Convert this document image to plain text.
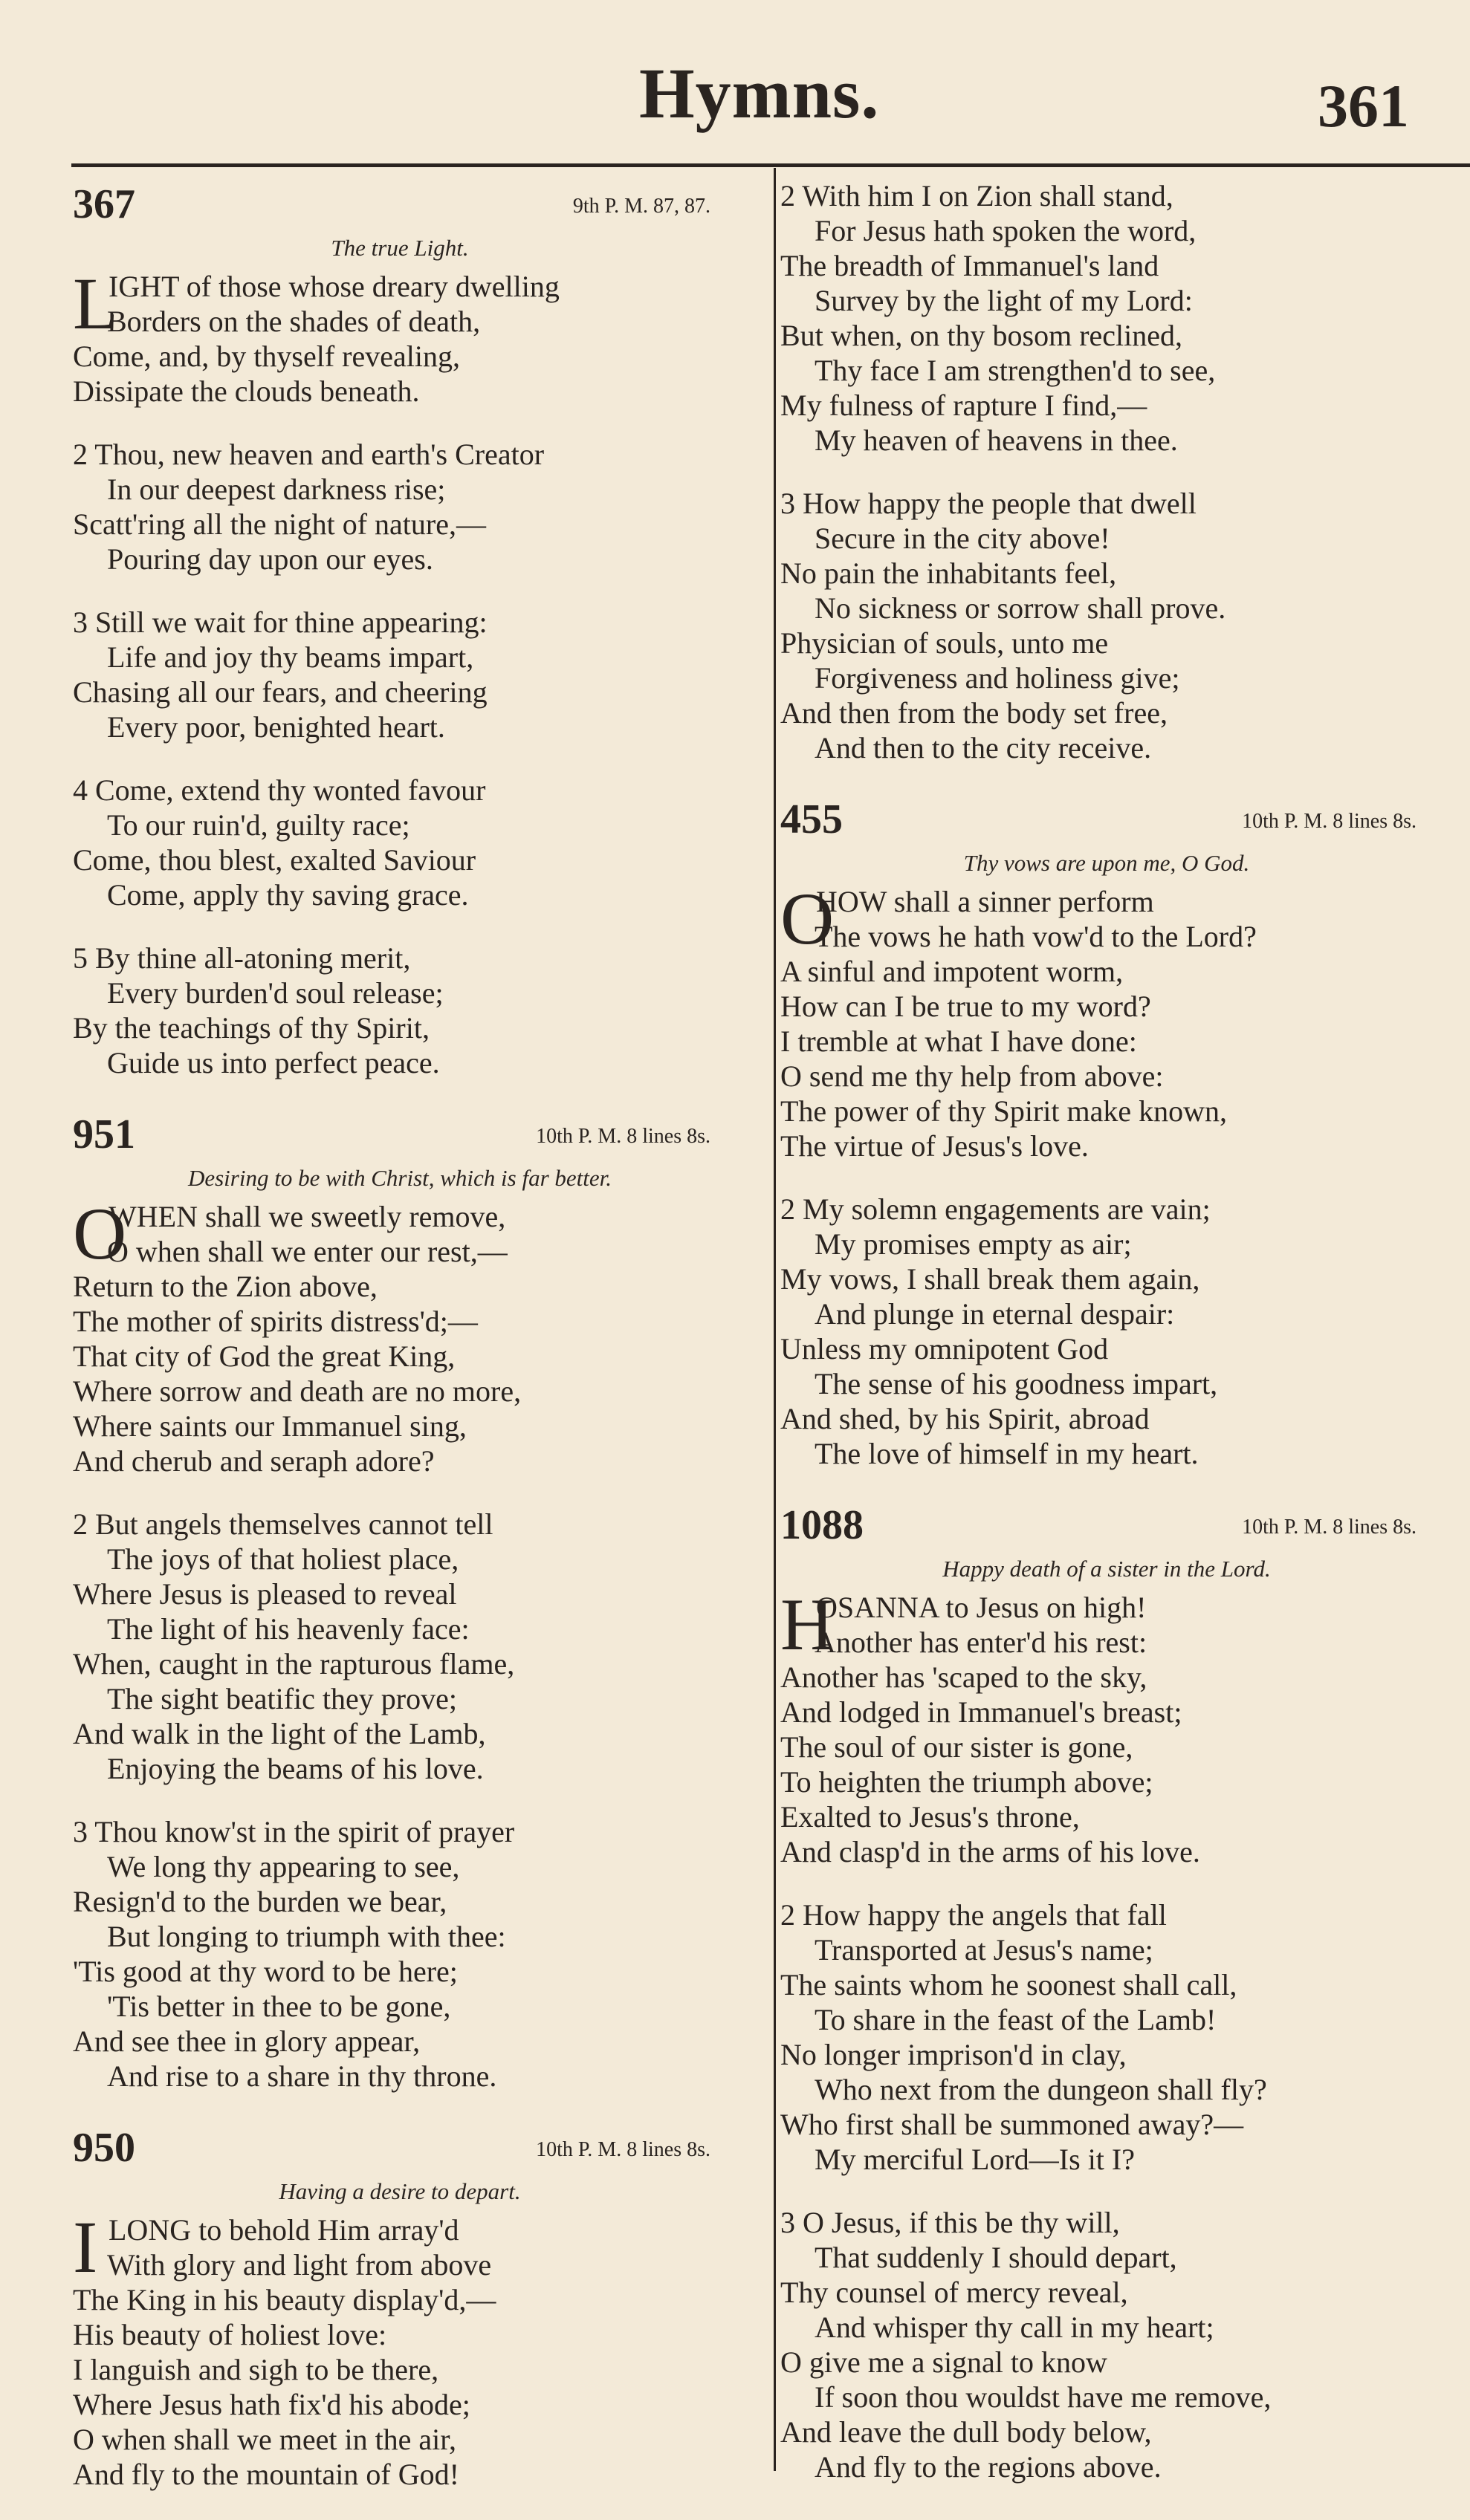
Hymns.	361
367	9th P. M. 87, 87.
The true Light.
L
IGHT of those whose dreary dwelling
Borders on the shades of death,
Come, and, by thyself revealing,
Dissipate the clouds beneath.
2 Thou, new heaven and earth's Creator
In our deepest darkness rise;
Scatt'ring all the night of nature,—
Pouring day upon our eyes.
3 Still we wait for thine appearing:
Life and joy thy beams impart,
Chasing all our fears, and cheering
Every poor, benighted heart.
4 Come, extend thy wonted favour
To our ruin'd, guilty race;
Come, thou blest, exalted Saviour
Come, apply thy saving grace.
5 By thine all-atoning merit,
Every burden'd soul release;
By the teachings of thy Spirit,
Guide us into perfect peace.
951	10th P. M. 8 lines 8s.
Desiring to be with Christ, which is far better.
O
WHEN shall we sweetly remove,
O when shall we enter our rest,—
Return to the Zion above,
The mother of spirits distress'd;—
That city of God the great King,
Where sorrow and death are no more,
Where saints our Immanuel sing,
And cherub and seraph adore?
2 But angels themselves cannot tell
The joys of that holiest place,
Where Jesus is pleased to reveal
The light of his heavenly face:
When, caught in the rapturous flame,
The sight beatific they prove;
And walk in the light of the Lamb,
Enjoying the beams of his love.
3 Thou know'st in the spirit of prayer
We long thy appearing to see,
Resign'd to the burden we bear,
But longing to triumph with thee:
'Tis good at thy word to be here;
'Tis better in thee to be gone,
And see thee in glory appear,
And rise to a share in thy throne.
950	10th P. M. 8 lines 8s.
Having a desire to depart.
I LONG to behold Him array'd
With glory and light from above
The King in his beauty display'd,—
His beauty of holiest love:
I languish and sigh to be there,
Where Jesus hath fix'd his abode;
O when shall we meet in the air,
And fly to the mountain of God!
2 With him I on Zion shall stand,
For Jesus hath spoken the word,
The breadth of Immanuel's land
Survey by the light of my Lord:
But when, on thy bosom reclined,
Thy face I am strengthen'd to see,
My fulness of rapture I find,—
My heaven of heavens in thee.
3 How happy the people that dwell
Secure in the city above!
No pain the inhabitants feel,
No sickness or sorrow shall prove.
Physician of souls, unto me
Forgiveness and holiness give;
And then from the body set free,
And then to the city receive.
455	10th P. M. 8 lines 8s.
Thy vows are upon me, O God.
O
HOW shall a sinner perform
The vows he hath vow'd to the Lord?
A sinful and impotent worm,
How can I be true to my word?
I tremble at what I have done:
O send me thy help from above:
The power of thy Spirit make known,
The virtue of Jesus's love.
2 My solemn engagements are vain;
My promises empty as air;
My vows, I shall break them again,
And plunge in eternal despair:
Unless my omnipotent God
The sense of his goodness impart,
And shed, by his Spirit, abroad
The love of himself in my heart.
1088	10th P. M. 8 lines 8s.
Happy death of a sister in the Lord.
H
OSANNA to Jesus on high!
Another has enter'd his rest:
Another has 'scaped to the sky,
And lodged in Immanuel's breast;
The soul of our sister is gone,
To heighten the triumph above;
Exalted to Jesus's throne,
And clasp'd in the arms of his love.
2 How happy the angels that fall
Transported at Jesus's name;
The saints whom he soonest shall call,
To share in the feast of the Lamb!
No longer imprison'd in clay,
Who next from the dungeon shall fly?
Who first shall be summoned away?—
My merciful Lord—Is it I?
3 O Jesus, if this be thy will,
That suddenly I should depart,
Thy counsel of mercy reveal,
And whisper thy call in my heart;
O give me a signal to know
If soon thou wouldst have me remove,
And leave the dull body below,
And fly to the regions above.
